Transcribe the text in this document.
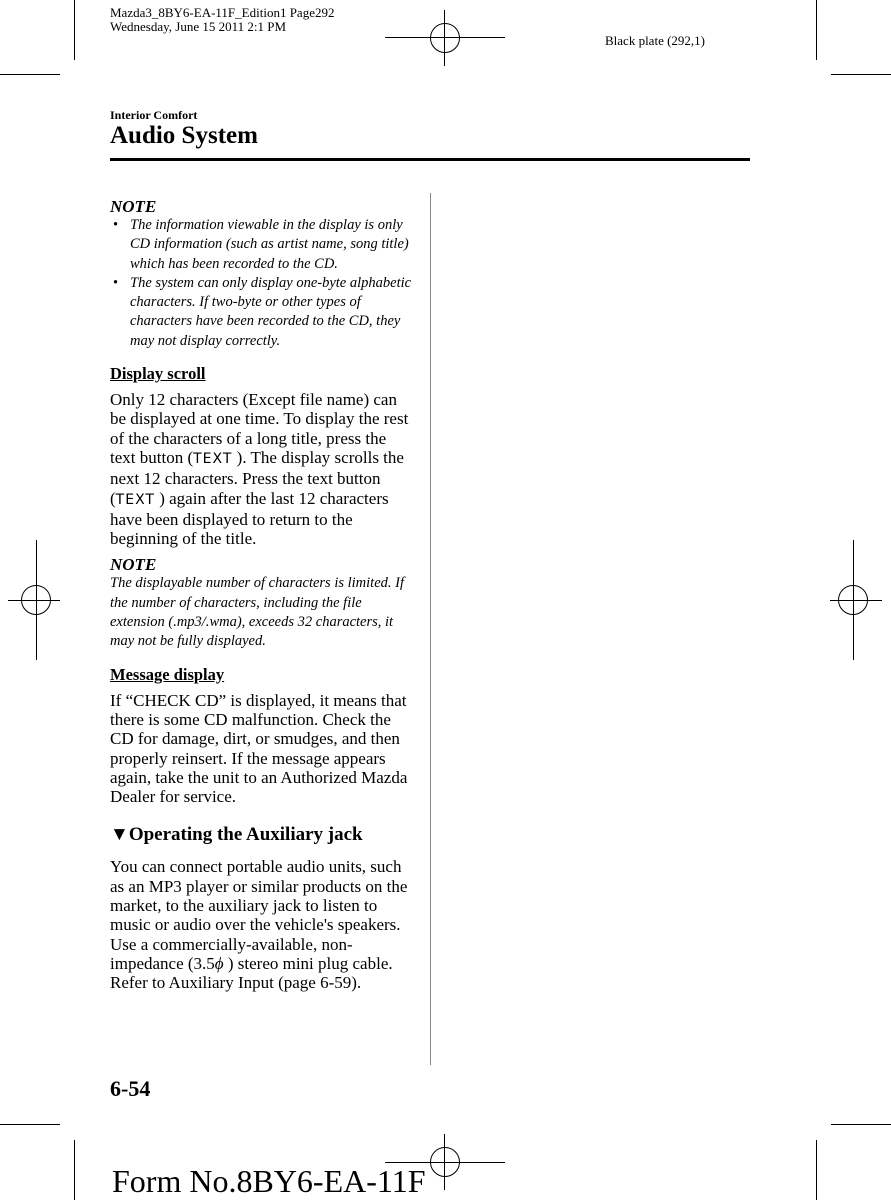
Mazda3_8BY6-EA-11F_Edition1 Page292
Wednesday, June 15 2011 2:1 PM
Black plate (292,1)
Interior Comfort
Audio System
NOTE
• The information viewable in the display is only CD information (such as artist name, song title) which has been recorded to the CD.
• The system can only display one-byte alphabetic characters. If two-byte or other types of characters have been recorded to the CD, they may not display correctly.
Display scroll
Only 12 characters (Except file name) can be displayed at one time. To display the rest of the characters of a long title, press the text button (TEXT ). The display scrolls the next 12 characters. Press the text button (TEXT ) again after the last 12 characters have been displayed to return to the beginning of the title.
NOTE
The displayable number of characters is limited. If the number of characters, including the file extension (.mp3/.wma), exceeds 32 characters, it may not be fully displayed.
Message display
If “CHECK CD” is displayed, it means that there is some CD malfunction. Check the CD for damage, dirt, or smudges, and then properly reinsert. If the message appears again, take the unit to an Authorized Mazda Dealer for service.
▼Operating the Auxiliary jack
You can connect portable audio units, such as an MP3 player or similar products on the market, to the auxiliary jack to listen to music or audio over the vehicle's speakers. Use a commercially-available, non-impedance (3.5ϕ ) stereo mini plug cable. Refer to Auxiliary Input (page 6-59).
6-54
Form No.8BY6-EA-11F
